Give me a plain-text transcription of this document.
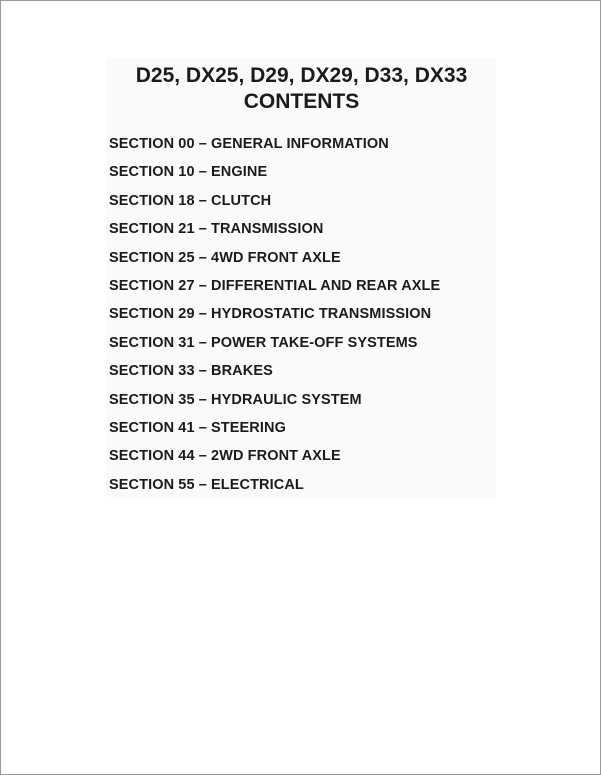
D25, DX25, D29, DX29, D33, DX33
CONTENTS
SECTION 00 – GENERAL INFORMATION
SECTION 10 – ENGINE
SECTION 18 – CLUTCH
SECTION 21 – TRANSMISSION
SECTION 25 – 4WD FRONT AXLE
SECTION 27 – DIFFERENTIAL AND REAR AXLE
SECTION 29 – HYDROSTATIC TRANSMISSION
SECTION 31 – POWER TAKE-OFF SYSTEMS
SECTION 33 – BRAKES
SECTION 35 – HYDRAULIC SYSTEM
SECTION 41 – STEERING
SECTION 44 – 2WD FRONT AXLE
SECTION 55 – ELECTRICAL
